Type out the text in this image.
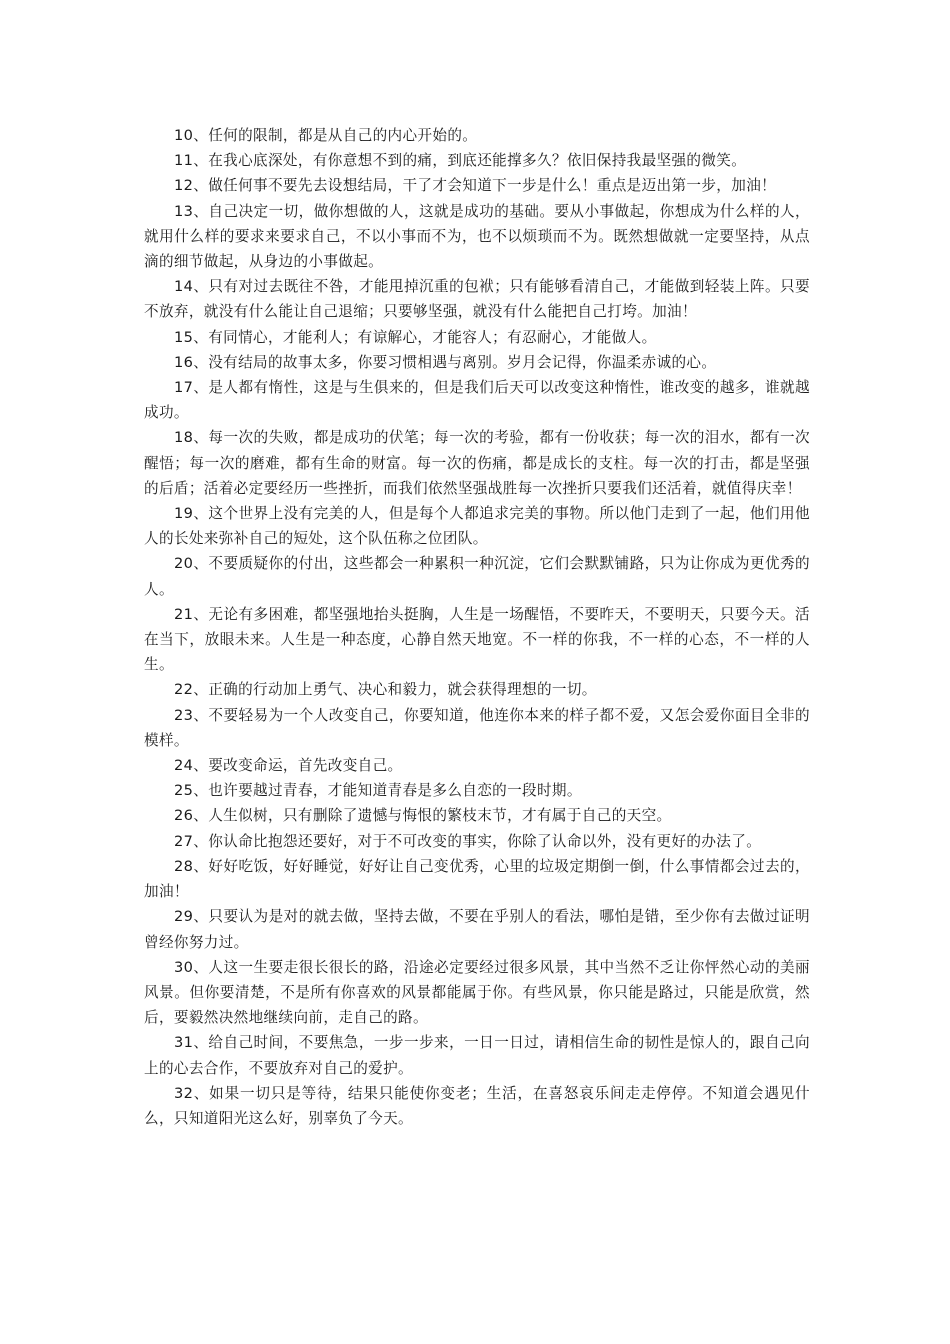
10、任何的限制，都是从自己的内心开始的。

11、在我心底深处，有你意想不到的痛，到底还能撑多久？依旧保持我最坚强的微笑。

12、做任何事不要先去设想结局，干了才会知道下一步是什么！重点是迈出第一步，加油！

13、自己决定一切，做你想做的人，这就是成功的基础。要从小事做起，你想成为什么样的人，就用什么样的要求来要求自己，不以小事而不为，也不以烦琐而不为。既然想做就一定要坚持，从点滴的细节做起，从身边的小事做起。

14、只有对过去既往不咎，才能甩掉沉重的包袱；只有能够看清自己，才能做到轻装上阵。只要不放弃，就没有什么能让自己退缩；只要够坚强，就没有什么能把自己打垮。加油！

15、有同情心，才能利人；有谅解心，才能容人；有忍耐心，才能做人。

16、没有结局的故事太多，你要习惯相遇与离别。岁月会记得，你温柔赤诚的心。

17、是人都有惰性，这是与生俱来的，但是我们后天可以改变这种惰性，谁改变的越多，谁就越成功。

18、每一次的失败，都是成功的伏笔；每一次的考验，都有一份收获；每一次的泪水，都有一次醒悟；每一次的磨难，都有生命的财富。每一次的伤痛，都是成长的支柱。每一次的打击，都是坚强的后盾；活着必定要经历一些挫折，而我们依然坚强战胜每一次挫折只要我们还活着，就值得庆幸！

19、这个世界上没有完美的人，但是每个人都追求完美的事物。所以他门走到了一起，他们用他人的长处来弥补自己的短处，这个队伍称之位团队。

20、不要质疑你的付出，这些都会一种累积一种沉淀，它们会默默铺路，只为让你成为更优秀的人。

21、无论有多困难，都坚强地抬头挺胸，人生是一场醒悟，不要昨天，不要明天，只要今天。活在当下，放眼未来。人生是一种态度，心静自然天地宽。不一样的你我，不一样的心态，不一样的人生。

22、正确的行动加上勇气、决心和毅力，就会获得理想的一切。

23、不要轻易为一个人改变自己，你要知道，他连你本来的样子都不爱，又怎会爱你面目全非的模样。

24、要改变命运，首先改变自己。

25、也许要越过青春，才能知道青春是多么自恋的一段时期。

26、人生似树，只有删除了遗憾与悔恨的繁枝末节，才有属于自己的天空。

27、你认命比抱怨还要好，对于不可改变的事实，你除了认命以外，没有更好的办法了。

28、好好吃饭，好好睡觉，好好让自己变优秀，心里的垃圾定期倒一倒，什么事情都会过去的，加油！

29、只要认为是对的就去做，坚持去做，不要在乎别人的看法，哪怕是错，至少你有去做过证明曾经你努力过。

30、人这一生要走很长很长的路，沿途必定要经过很多风景，其中当然不乏让你怦然心动的美丽风景。但你要清楚，不是所有你喜欢的风景都能属于你。有些风景，你只能是路过，只能是欣赏，然后，要毅然决然地继续向前，走自己的路。

31、给自己时间，不要焦急，一步一步来，一日一日过，请相信生命的韧性是惊人的，跟自己向上的心去合作，不要放弃对自己的爱护。

32、如果一切只是等待，结果只能使你变老；生活，在喜怒哀乐间走走停停。不知道会遇见什么，只知道阳光这么好，别辜负了今天。
